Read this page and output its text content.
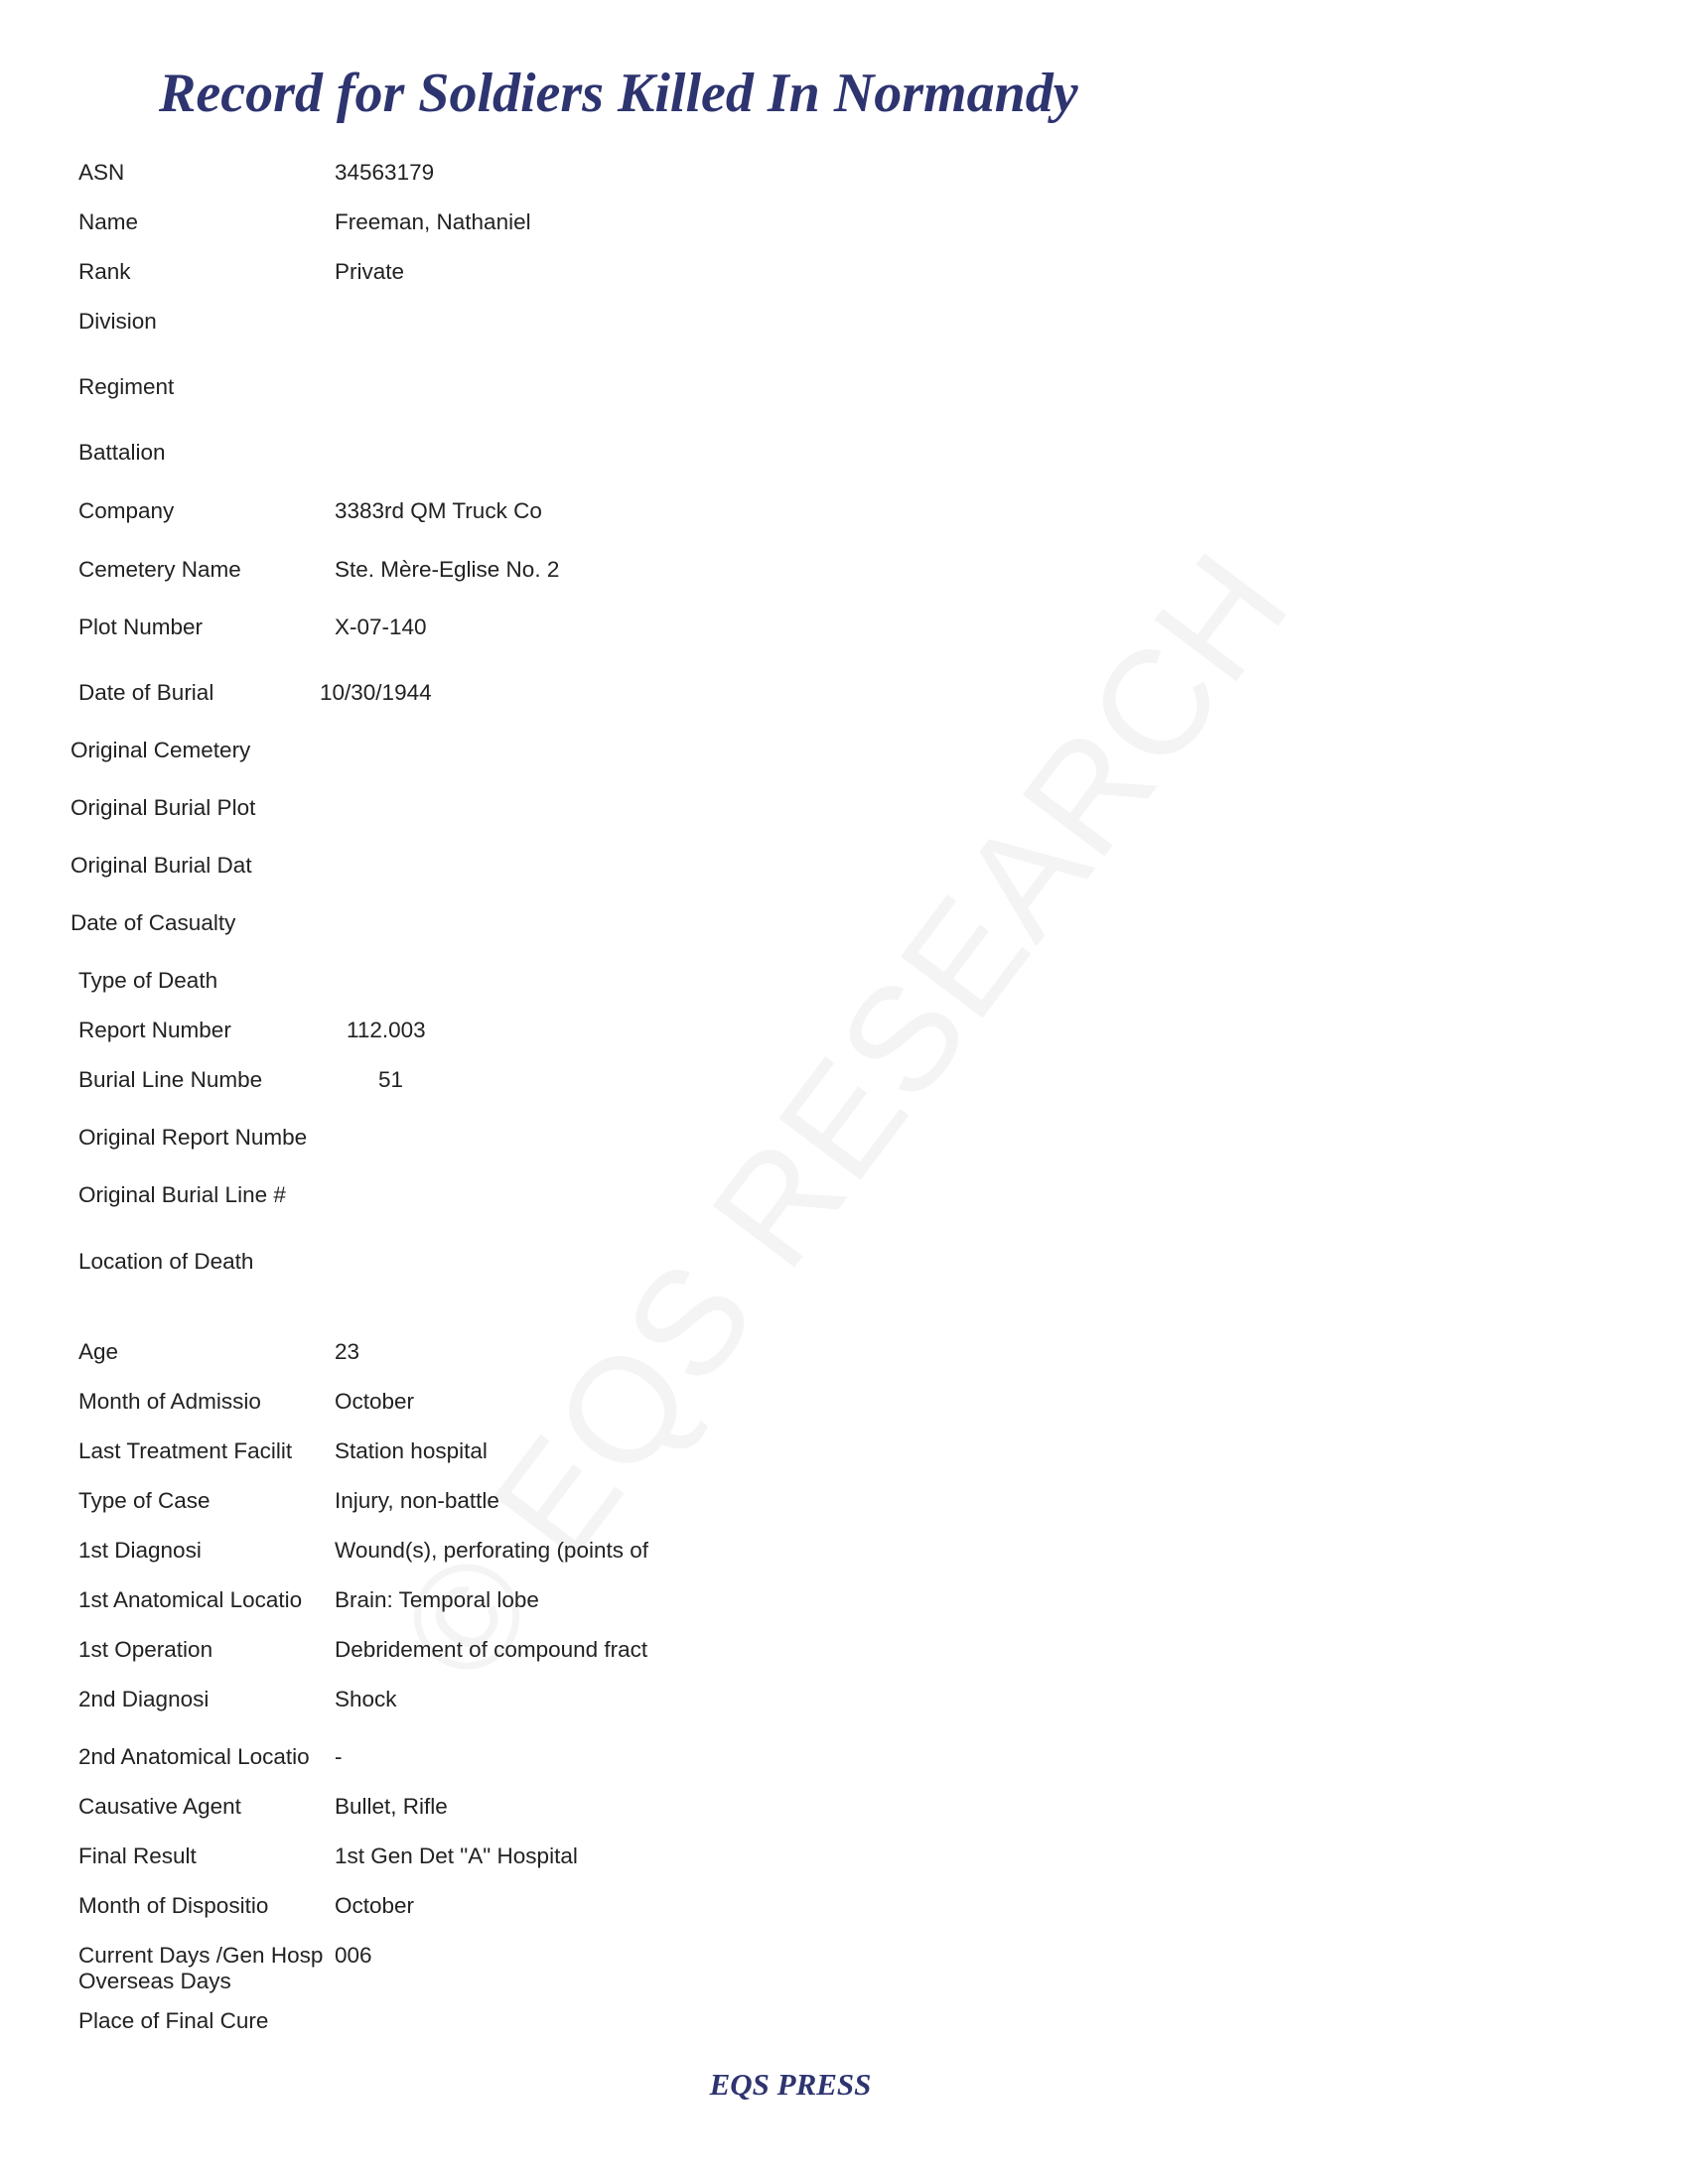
Record for Soldiers Killed In Normandy
ASN	34563179
Name	Freeman, Nathaniel
Rank	Private
Division
Regiment
Battalion
Company	3383rd QM Truck Co
Cemetery Name	Ste. Mère-Eglise No. 2
Plot Number	X-07-140
Date of Burial	10/30/1944
Original Cemetery
Original Burial Plot
Original Burial Dat
Date of Casualty
Type of Death
Report Number	112.003
Burial Line Numbe	51
Original Report Numbe
Original Burial Line #
Location of Death
Age	23
Month of Admissio	October
Last Treatment Facilit Station hospital
Type of Case	Injury, non-battle
1st Diagnosi	Wound(s), perforating (points of
1st Anatomical Locatio Brain: Temporal lobe
1st Operation	Debridement of compound fract
2nd Diagnosi	Shock
2nd Anatomical Locatio -
Causative Agent	Bullet, Rifle
Final Result	1st Gen Det "A" Hospital
Month of Dispositio	October
Current Days /Gen Hosp 006
Overseas Days
Place of Final Cure
EQS PRESS
